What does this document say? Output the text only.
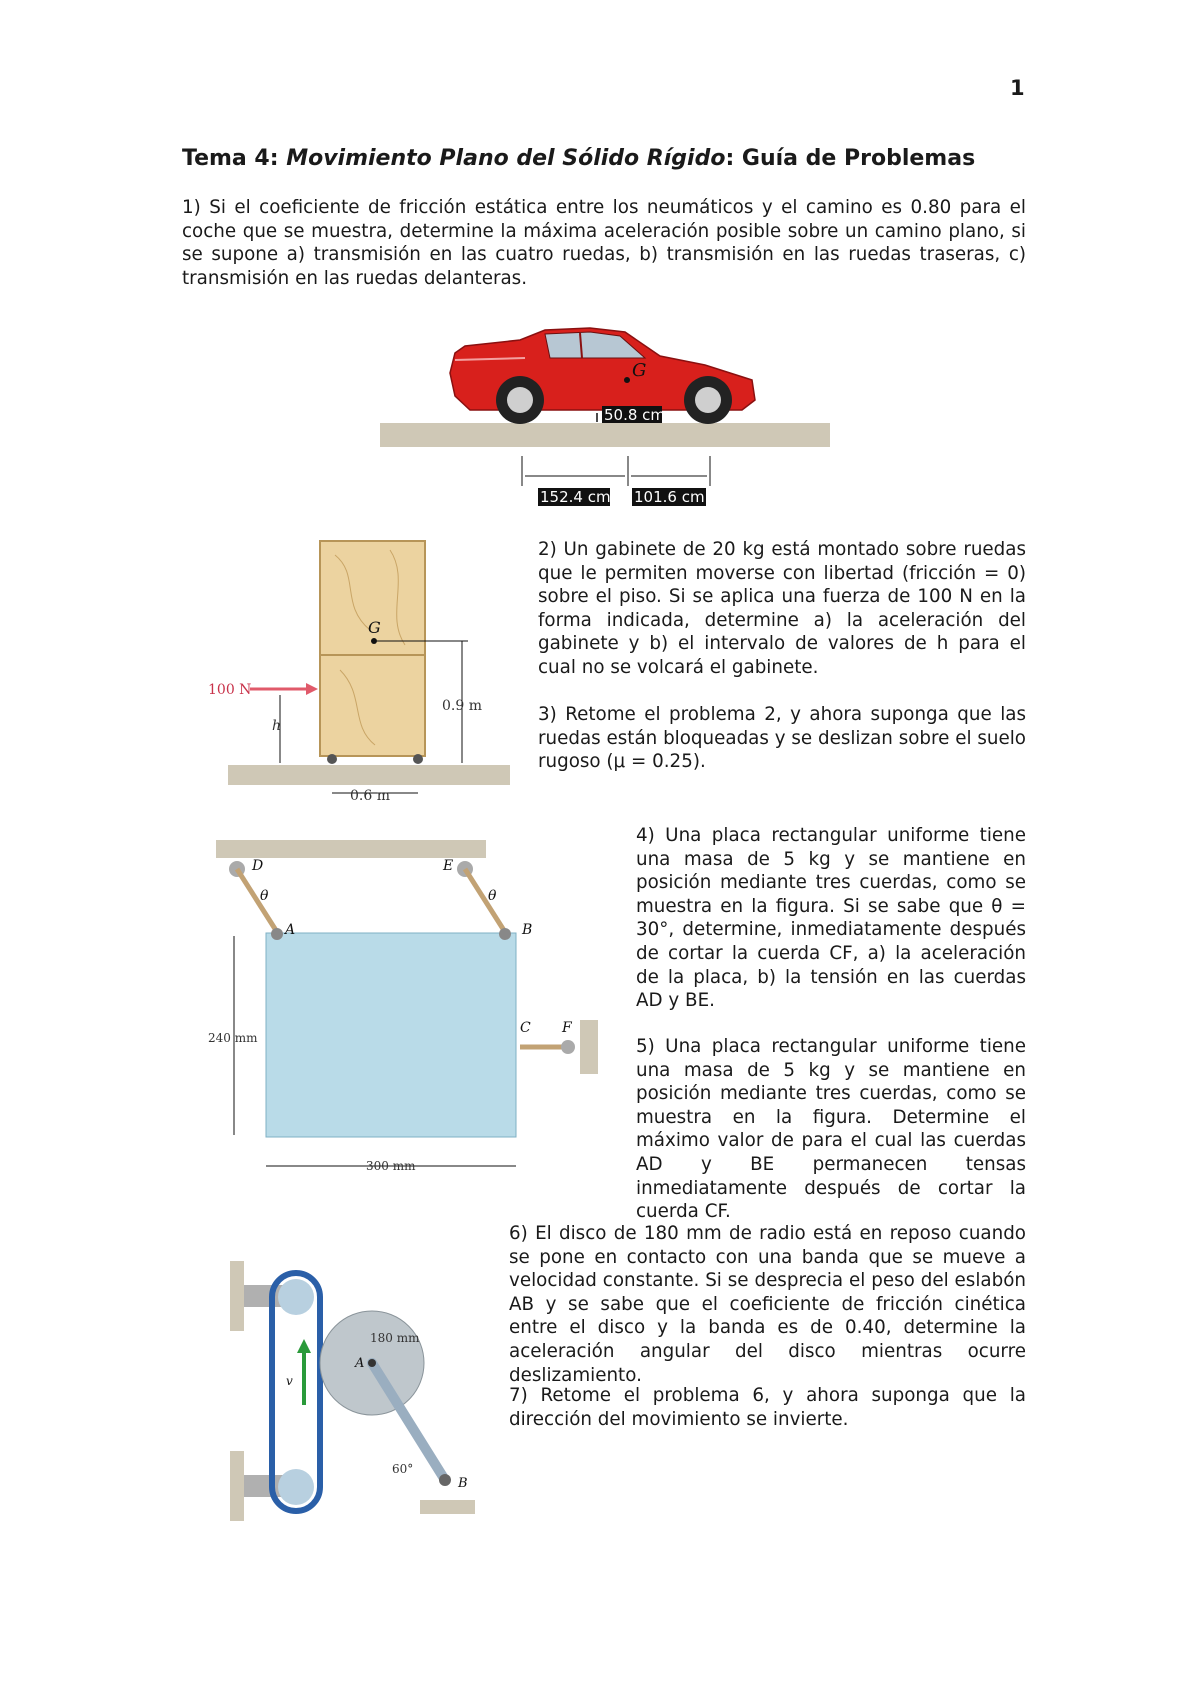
1
Tema 4: Movimiento Plano del Sólido Rígido: Guía de Problemas
1) Si el coeficiente de fricción estática entre los neumáticos y el camino es 0.80 para el coche que se muestra, determine la máxima aceleración posible sobre un camino plano, si se supone a) transmisión en las cuatro ruedas, b) transmisión en las ruedas traseras, c) transmisión en las ruedas delanteras.
G
50.8 cm
152.4 cm 101.6 cm
G
0.9 m
100 N
h
0.6 m
2) Un gabinete de 20 kg está montado sobre ruedas que le permiten moverse con libertad (fricción = 0) sobre el piso. Si se aplica una fuerza de 100 N en la forma indicada, determine a) la aceleración del gabinete y b) el intervalo de valores de h para el cual no se volcará el gabinete.
3) Retome el problema 2, y ahora suponga que las ruedas están bloqueadas y se deslizan sobre el suelo rugoso (μ = 0.25).
D	E
A	B
C F
θ	θ
240 mm
300 mm
4) Una placa rectangular uniforme tiene una masa de 5 kg y se mantiene en posición mediante tres cuerdas, como se muestra en la figura. Si se sabe que θ = 30°, determine, inmediatamente después de cortar la cuerda CF, a) la aceleración de la placa, b) la tensión en las cuerdas AD y BE.
5) Una placa rectangular uniforme tiene una masa de 5 kg y se mantiene en posición mediante tres cuerdas, como se muestra en la figura. Determine el máximo valor de para el cual las cuerdas AD y BE permanecen tensas inmediatamente después de cortar la cuerda CF.
v
A
B
180 mm
60°
6) El disco de 180 mm de radio está en reposo cuando se pone en contacto con una banda que se mueve a velocidad constante. Si se desprecia el peso del eslabón AB y se sabe que el coeficiente de fricción cinética entre el disco y la banda es de 0.40, determine la aceleración angular del disco mientras ocurre deslizamiento.
7) Retome el problema 6, y ahora suponga que la dirección del movimiento se invierte.
